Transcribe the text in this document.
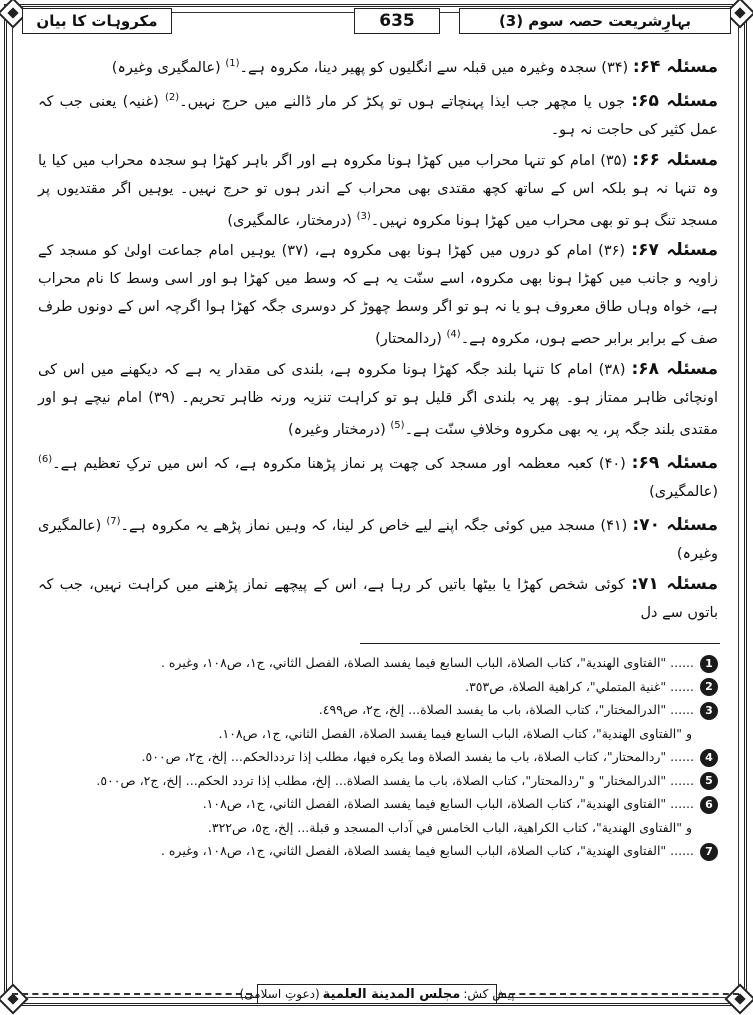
بہارِشریعت حصہ سوم (3)
635
مکروہات کا بیان

مسئلہ ۶۴: (۳۴) سجدہ وغیرہ میں قبلہ سے انگلیوں کو پھیر دینا، مکروہ ہے۔$^{(1)}$ (عالمگیری وغیرہ)

مسئلہ ۶۵: جوں یا مچھر جب ایذا پہنچاتے ہوں تو پکڑ کر مار ڈالنے میں حرج نہیں۔$^{(2)}$ (غنیہ) یعنی جب کہ عمل کثیر کی حاجت نہ ہو۔

مسئلہ ۶۶: (۳۵) امام کو تنہا محراب میں کھڑا ہونا مکروہ ہے اور اگر باہر کھڑا ہو سجدہ محراب میں کیا یا وہ تنہا نہ ہو بلکہ اس کے ساتھ کچھ مقتدی بھی محراب کے اندر ہوں تو حرج نہیں۔ یوہیں اگر مقتدیوں پر مسجد تنگ ہو تو بھی محراب میں کھڑا ہونا مکروہ نہیں۔$^{(3)}$ (درمختار، عالمگیری)

مسئلہ ۶۷: (۳۶) امام کو دروں میں کھڑا ہونا بھی مکروہ ہے، (۳۷) یوہیں امام جماعت اولیٰ کو مسجد کے زاویہ و جانب میں کھڑا ہونا بھی مکروہ، اسے سنّت یہ ہے کہ وسط میں کھڑا ہو اور اسی وسط کا نام محراب ہے، خواہ وہاں طاق معروف ہو یا نہ ہو تو اگر وسط چھوڑ کر دوسری جگہ کھڑا ہوا اگرچہ اس کے دونوں طرف صف کے برابر برابر حصے ہوں، مکروہ ہے۔$^{(4)}$ (ردالمحتار)

مسئلہ ۶۸: (۳۸) امام کا تنہا بلند جگہ کھڑا ہونا مکروہ ہے، بلندی کی مقدار یہ ہے کہ دیکھنے میں اس کی اونچائی ظاہر ممتاز ہو۔ پھر یہ بلندی اگر قلیل ہو تو کراہت تنزیہ ورنہ ظاہر تحریم۔ (۳۹) امام نیچے ہو اور مقتدی بلند جگہ پر، یہ بھی مکروہ وخلافِ سنّت ہے۔$^{(5)}$ (درمختار وغیرہ)

مسئلہ ۶۹: (۴۰) کعبہ معظمہ اور مسجد کی چھت پر نماز پڑھنا مکروہ ہے، کہ اس میں ترکِ تعظیم ہے۔$^{(6)}$ (عالمگیری)

مسئلہ ۷۰: (۴۱) مسجد میں کوئی جگہ اپنے لیے خاص کر لینا، کہ وہیں نماز پڑھے یہ مکروہ ہے۔$^{(7)}$ (عالمگیری وغیرہ)

مسئلہ ۷۱: کوئی شخص کھڑا یا بیٹھا باتیں کر رہا ہے، اس کے پیچھے نماز پڑھنے میں کراہت نہیں، جب کہ باتوں سے دل

1...... "الفتاوی الهندية"، كتاب الصلاة، الباب السابع فيما يفسد الصلاة، الفصل الثاني، ج١، ص١٠٨، وغيره .
2...... "غنية المتملي"، كراهية الصلاة، ص٣٥٣.
3...... "الدرالمختار"، كتاب الصلاة، باب ما يفسد الصلاة... إلخ، ج٢، ص٤٩٩.
و "الفتاوی الهندية"، كتاب الصلاة، الباب السابع فيما يفسد الصلاة، الفصل الثاني، ج١، ص١٠٨.
4...... "ردالمحتار"، كتاب الصلاة، باب ما يفسد الصلاة وما يكره فيها، مطلب إذا ترددالحكم... إلخ، ج٢، ص٥٠٠.
5...... "الدرالمختار" و "ردالمحتار"، كتاب الصلاة، باب ما يفسد الصلاة... إلخ، مطلب إذا تردد الحكم... إلخ، ج٢، ص٥٠٠.
6...... "الفتاوی الهندية"، كتاب الصلاة، الباب السابع فيما يفسد الصلاة، الفصل الثاني، ج١، ص١٠٨.
و "الفتاوی الهندية"، كتاب الكراهية، الباب الخامس في آداب المسجد و قبلة... إلخ، ج٥، ص٣٢٢.
7...... "الفتاوی الهندية"، كتاب الصلاة، الباب السابع فيما يفسد الصلاة، الفصل الثاني، ج١، ص١٠٨، وغيره .
پیش کش:
مجلس المدينة العلمية
(دعوتِ اسلامی)
